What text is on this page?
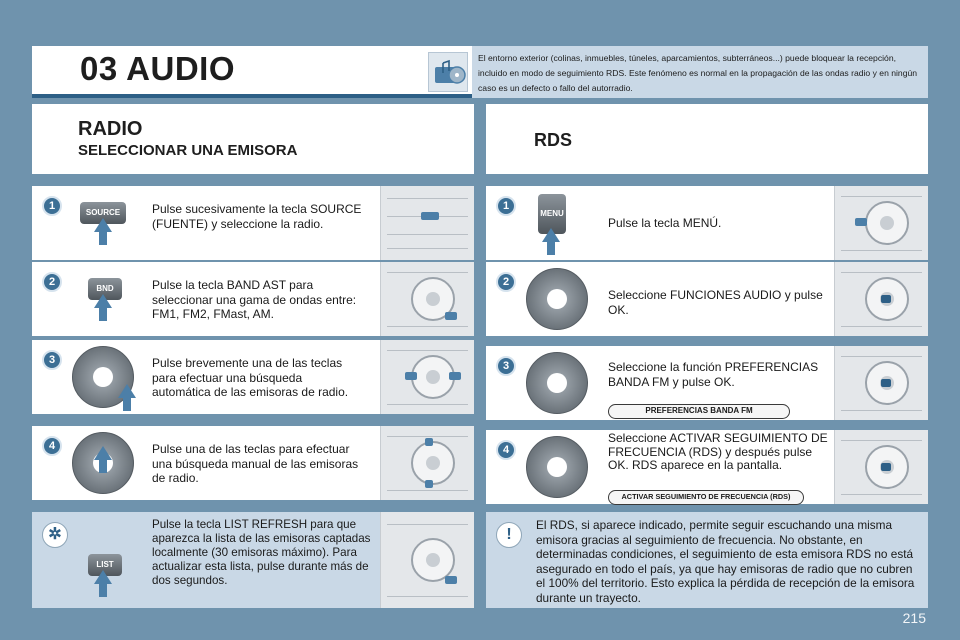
03 AUDIO	El entorno exterior (colinas, inmuebles, túneles, aparcamientos, subterráneos...) puede bloquear la recepción, incluido en modo de seguimiento RDS. Este fenómeno es normal en la propagación de las ondas radio y en ningún caso es un defecto o fallo del autorradio.
RADIO
SELECCIONAR UNA EMISORA
RDS
1
SOURCE	Pulse sucesivamente la tecla SOURCE (FUENTE) y seleccione la radio.
2
BND	Pulse la tecla BAND AST para seleccionar una gama de ondas entre: FM1, FM2, FMast, AM.
3	Pulse brevemente una de las teclas para efectuar una búsqueda automática de las emisoras de radio.
4	Pulse una de las teclas para efectuar una búsqueda manual de las emisoras de radio.
✲
LIST
Pulse la tecla LIST REFRESH para que aparezca la lista de las emisoras captadas localmente (30 emisoras máximo). Para actualizar esta lista, pulse durante más de dos segundos.
1
MENU
Pulse la tecla MENÚ.
2
Seleccione FUNCIONES AUDIO y pulse OK.
3	Seleccione la función PREFERENCIAS BANDA FM y pulse OK.
PREFERENCIAS BANDA FM
4
Seleccione ACTIVAR SEGUIMIENTO DE FRECUENCIA (RDS) y después pulse OK. RDS aparece en la pantalla.
ACTIVAR SEGUIMIENTO DE FRECUENCIA (RDS)
!
El RDS, si aparece indicado, permite seguir escuchando una misma emisora gracias al seguimiento de frecuencia. No obstante, en determinadas condiciones, el seguimiento de esta emisora RDS no está asegurado en todo el país, ya que hay emisoras de radio que no cubren el 100% del territorio. Esto explica la pérdida de recepción de la emisora durante un trayecto.
215
